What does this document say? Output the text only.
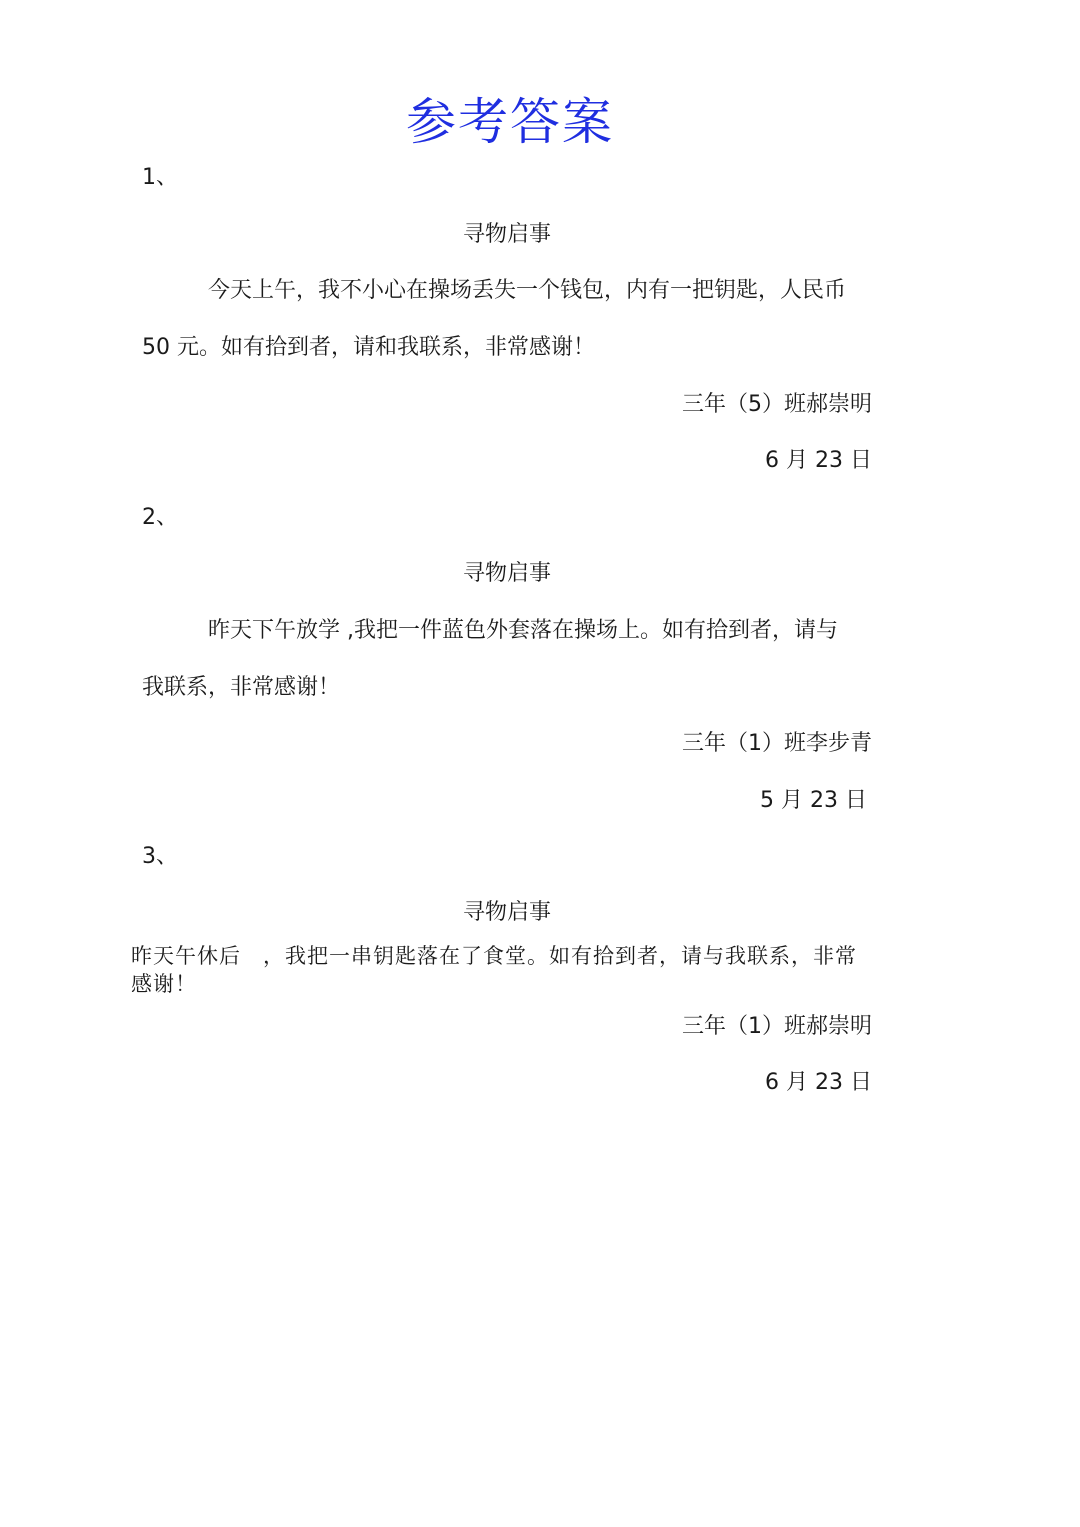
参考答案
1、
寻物启事
今天上午，我不小心在操场丢失一个钱包，内有一把钥匙，人民币
50 元。如有拾到者，请和我联系，非常感谢！
三年（5）班郝崇明
6 月 23 日
2、
寻物启事
昨天下午放学 ,我把一件蓝色外套落在操场上。如有拾到者，请与
我联系，非常感谢！
三年（1）班李步青
5 月 23 日
3、
寻物启事
昨天午休后　，我把一串钥匙落在了食堂。如有拾到者，请与我联系，非常
感谢！
三年（1）班郝崇明
6 月 23 日
